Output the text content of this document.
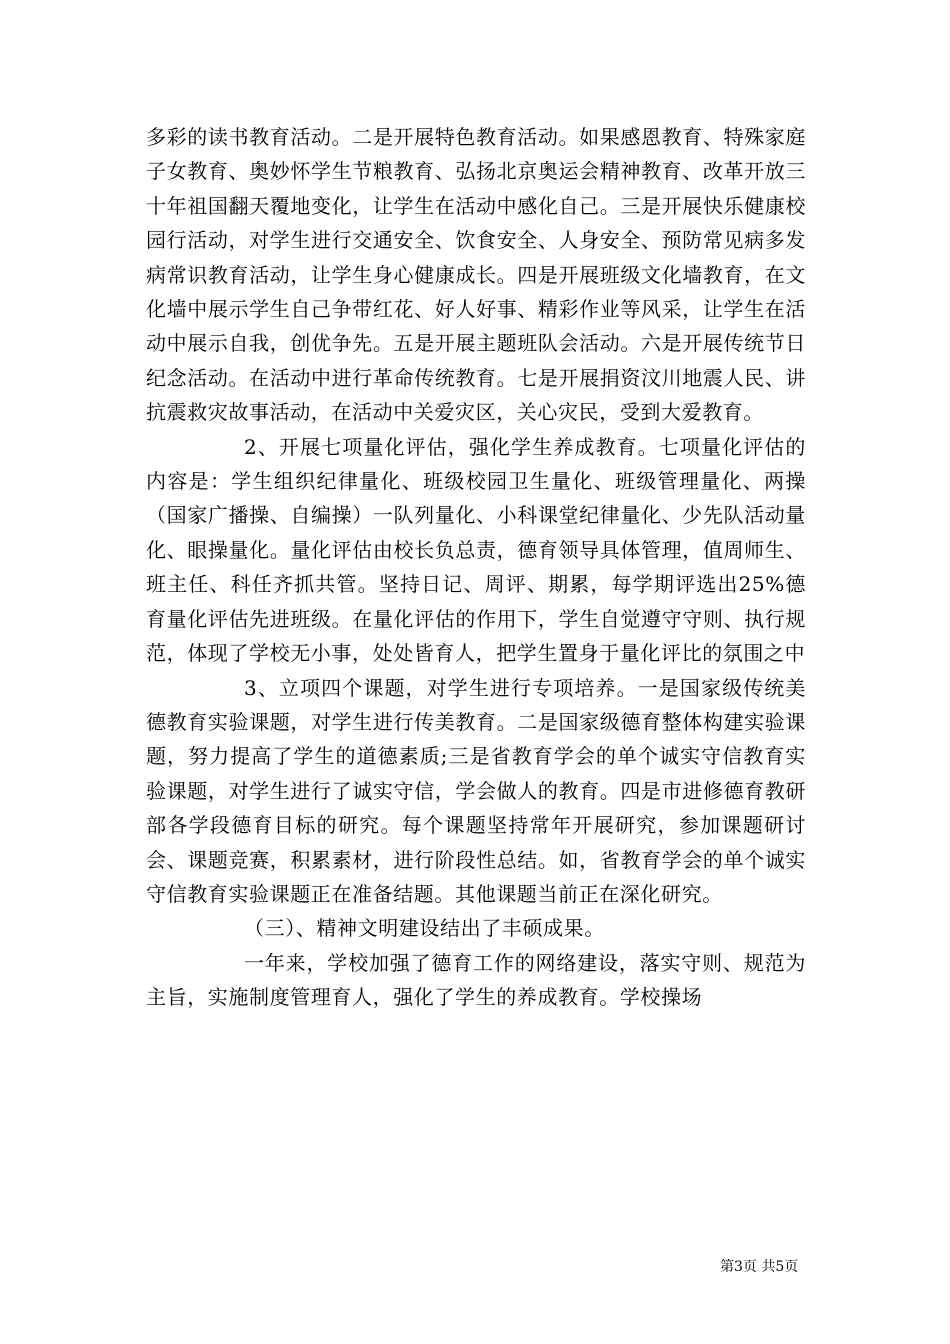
多彩的读书教育活动。二是开展特色教育活动。如果感恩教育、特殊家庭子女教育、奥妙怀学生节粮教育、弘扬北京奥运会精神教育、改革开放三十年祖国翻天覆地变化，让学生在活动中感化自己。三是开展快乐健康校园行活动，对学生进行交通安全、饮食安全、人身安全、预防常见病多发病常识教育活动，让学生身心健康成长。四是开展班级文化墙教育，在文化墙中展示学生自己争带红花、好人好事、精彩作业等风采，让学生在活动中展示自我，创优争先。五是开展主题班队会活动。六是开展传统节日纪念活动。在活动中进行革命传统教育。七是开展捐资汶川地震人民、讲抗震救灾故事活动，在活动中关爱灾区，关心灾民，受到大爱教育。

2、开展七项量化评估，强化学生养成教育。七项量化评估的内容是：学生组织纪律量化、班级校园卫生量化、班级管理量化、两操（国家广播操、自编操）一队列量化、小科课堂纪律量化、少先队活动量化、眼操量化。量化评估由校长负总责，德育领导具体管理，值周师生、班主任、科任齐抓共管。坚持日记、周评、期累，每学期评选出25%德育量化评估先进班级。在量化评估的作用下，学生自觉遵守守则、执行规范，体现了学校无小事，处处皆育人，把学生置身于量化评比的氛围之中

3、立项四个课题，对学生进行专项培养。一是国家级传统美德教育实验课题，对学生进行传美教育。二是国家级德育整体构建实验课题，努力提高了学生的道德素质;三是省教育学会的单个诚实守信教育实验课题，对学生进行了诚实守信，学会做人的教育。四是市进修德育教研部各学段德育目标的研究。每个课题坚持常年开展研究，参加课题研讨会、课题竞赛，积累素材，进行阶段性总结。如，省教育学会的单个诚实守信教育实验课题正在准备结题。其他课题当前正在深化研究。

（三）、精神文明建设结出了丰硕成果。

一年来，学校加强了德育工作的网络建设，落实守则、规范为主旨，实施制度管理育人，强化了学生的养成教育。学校操场

第3页 共5页
